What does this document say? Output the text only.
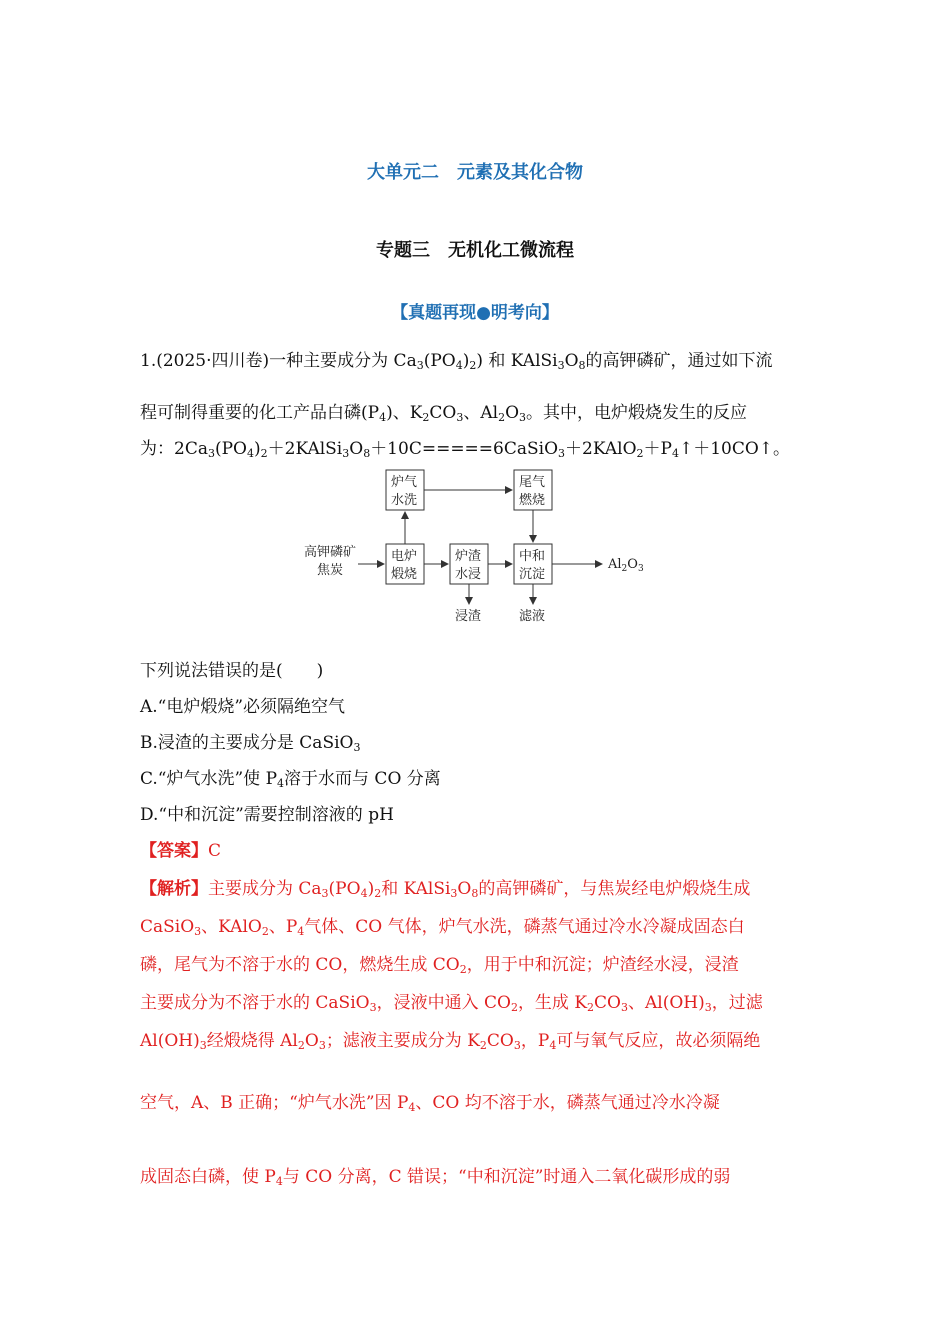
大单元二　元素及其化合物
专题三　无机化工微流程
【真题再现●明考向】
1.(2025·四川卷)一种主要成分为 $Ca_3(PO_4)_2$) 和 $KAlSi_3O_8$的高钾磷矿，通过如下流
程可制得重要的化工产品白磷$(P_4)$、$K_2CO_3$、$Al_2O_3$。其中，电炉煅烧发生的反应
为：$2Ca_3(PO_4)_2+2KAlSi_3O_8+10C=====6CaSiO_3+2KAlO_2+P_4↑+10CO↑$。
高钾磷矿
焦炭
电炉
煅烧
炉气
水洗
尾气
燃烧
炉渣
水浸
中和
沉淀
$Al_2O_3$
浸渣	滤液
下列说法错误的是(　　)
A.“电炉煅烧”必须隔绝空气
B.浸渣的主要成分是 CaSiO$_3$
C.“炉气水洗”使 $P_4$溶于水而与 CO 分离
D.“中和沉淀”需要控制溶液的 pH
【答案】C
【解析】主要成分为 $Ca_3(PO_4)_2$和 $KAlSi_3O_8$的高钾磷矿，与焦炭经电炉煅烧生成
CaSiO$_3$、KAlO$_2$、$P_4$气体、CO 气体，炉气水洗，磷蒸气通过冷水冷凝成固态白
磷，尾气为不溶于水的 CO，燃烧生成 $CO_2$，用于中和沉淀；炉渣经水浸，浸渣
主要成分为不溶于水的 CaSiO$_3$，浸液中通入 $CO_2$，生成 $K_2CO_3$、$Al(OH)_3$，过滤
$Al(OH)_3$经煅烧得 $Al_2O_3$；滤液主要成分为 $K_2CO_3$，$P_4$可与氧气反应，故必须隔绝
空气，A、B 正确；“炉气水洗”因 $P_4$、CO 均不溶于水，磷蒸气通过冷水冷凝
成固态白磷，使 $P_4$与 CO 分离，C 错误；“中和沉淀”时通入二氧化碳形成的弱
